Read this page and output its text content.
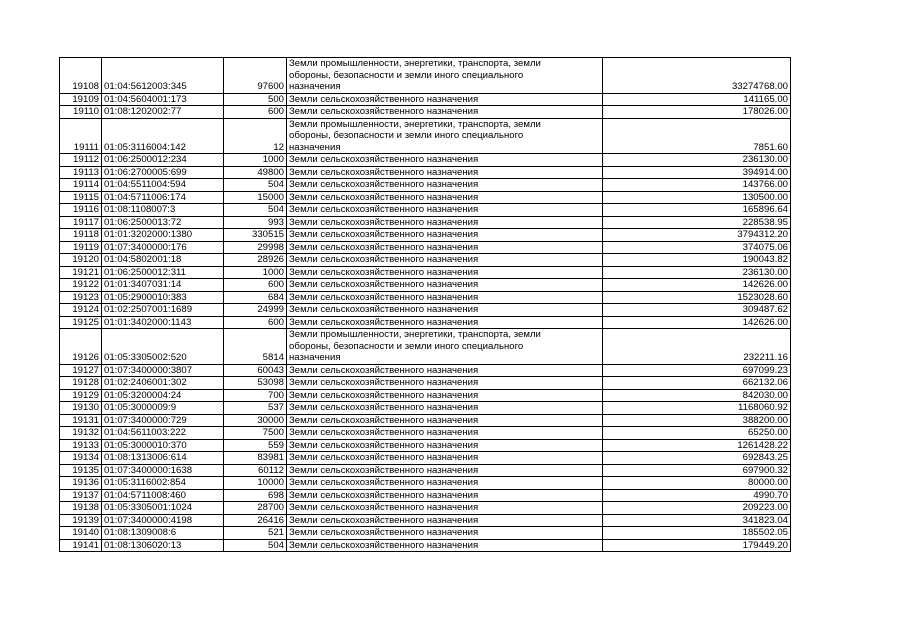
19108	01:04:5612003:345	97600	Земли промышленности, энергетики, транспорта, земли
обороны, безопасности и земли иного специального
назначения	33274768.00
19109	01:04:5604001:173	500	Земли сельскохозяйственного назначения	141165.00
19110	01:08:1202002:77	600	Земли сельскохозяйственного назначения	178026.00
19111	01:05:3116004:142	12	Земли промышленности, энергетики, транспорта, земли
обороны, безопасности и земли иного специального
назначения	7851.60
19112	01:06:2500012:234	1000	Земли сельскохозяйственного назначения	236130.00
19113	01:06:2700005:699	49800	Земли сельскохозяйственного назначения	394914.00
19114	01:04:5511004:594	504	Земли сельскохозяйственного назначения	143766.00
19115	01:04:5711006:174	15000	Земли сельскохозяйственного назначения	130500.00
19116	01:08:1108007:3	504	Земли сельскохозяйственного назначения	165896.64
19117	01:06:2500013:72	993	Земли сельскохозяйственного назначения	228538.95
19118	01:01:3202000:1380	330515	Земли сельскохозяйственного назначения	3794312.20
19119	01:07:3400000:176	29998	Земли сельскохозяйственного назначения	374075.06
19120	01:04:5802001:18	28926	Земли сельскохозяйственного назначения	190043.82
19121	01:06:2500012:311	1000	Земли сельскохозяйственного назначения	236130.00
19122	01:01:3407031:14	600	Земли сельскохозяйственного назначения	142626.00
19123	01:05:2900010:383	684	Земли сельскохозяйственного назначения	1523028.60
19124	01:02:2507001:1689	24999	Земли сельскохозяйственного назначения	309487.62
19125	01:01:3402000:1143	600	Земли сельскохозяйственного назначения	142626.00
19126	01:05:3305002:520	5814	Земли промышленности, энергетики, транспорта, земли
обороны, безопасности и земли иного специального
назначения	232211.16
19127	01:07:3400000:3807	60043	Земли сельскохозяйственного назначения	697099.23
19128	01:02:2406001:302	53098	Земли сельскохозяйственного назначения	662132.06
19129	01:05:3200004:24	700	Земли сельскохозяйственного назначения	842030.00
19130	01:05:3000009:9	537	Земли сельскохозяйственного назначения	1168060.92
19131	01:07:3400000:729	30000	Земли сельскохозяйственного назначения	388200.00
19132	01:04:5611003:222	7500	Земли сельскохозяйственного назначения	65250.00
19133	01:05:3000010:370	559	Земли сельскохозяйственного назначения	1261428.22
19134	01:08:1313006:614	83981	Земли сельскохозяйственного назначения	692843.25
19135	01:07:3400000:1638	60112	Земли сельскохозяйственного назначения	697900.32
19136	01:05:3116002:854	10000	Земли сельскохозяйственного назначения	80000.00
19137	01:04:5711008:460	698	Земли сельскохозяйственного назначения	4990.70
19138	01:05:3305001:1024	28700	Земли сельскохозяйственного назначения	209223.00
19139	01:07:3400000:4198	26416	Земли сельскохозяйственного назначения	341823.04
19140	01:08:1309008:6	521	Земли сельскохозяйственного назначения	185502.05
19141	01:08:1306020:13	504	Земли сельскохозяйственного назначения	179449.20
